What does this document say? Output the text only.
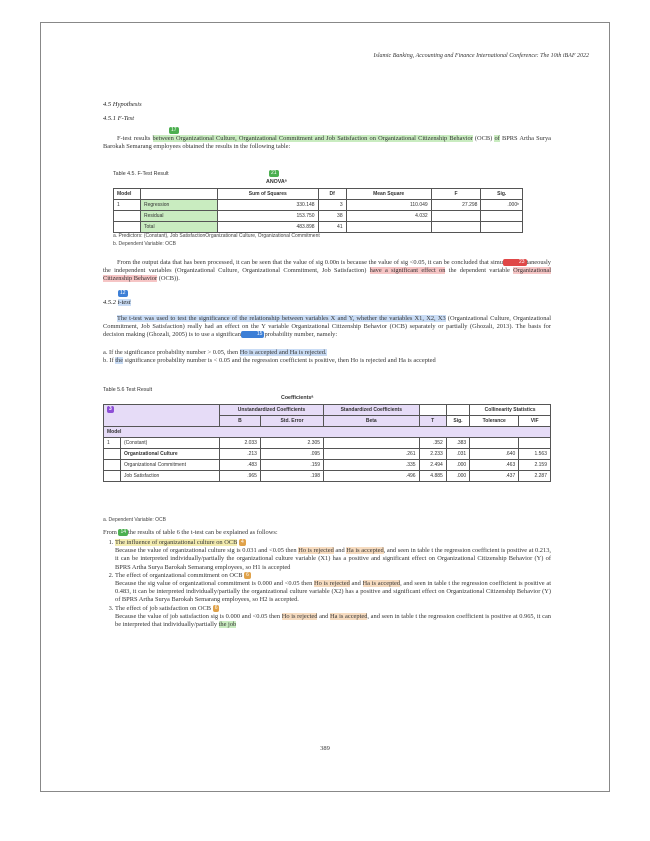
Islamic Banking, Accounting and Finance International Conference: The 10th iBAF 2022
4.5 Hypothesis
4.5.1 F-Test
17

F-test results between Organizational Culture, Organizational Commitment and Job Satisfaction on Organizational Citizenship Behavior (OCB) of BPRS Artha Surya Barokah Semarang employees obtained the results in the following table:

Table 4.5. F-Test Result	21
ANOVAᵃ
Model		Sum of Squares	Df	Mean Square	F	Sig.
1	Regression	330.148	3	110.049	27.298	.000ᵇ
	Residual	153.750	38	4.032		
	Total	483.898	41			
a. Predictors: (Constant), Job SatisfactionOrganizational Culture, Organizational Commitment
b. Dependent Variable: OCB

From the output data that has been processed, it can be seen that the value of sig 0.00n is because the value of sig <0.05, it can be concluded that simu	23 taneously the independent variables (Organizational Culture, Organizational Commitment, Job Satisfaction) have a significant effect on the dependent variable Organizational Citizenship Behavior (OCB)).

12
4.5.2 t-test

The t-test was used to test the significance of the relationship between variables X and Y, whether the variables X1, X2, X3 (Organizational Culture, Organizational Commitment, Job Satisfaction) really had an effect on the Y variable Organizational Citizenship Behavior (OCB) separately or partially (Ghozali, 2013). The basis for decision making (Ghozali, 2005) is to use a significan	15 probability number, namely:

a. If the significance probability number > 0.05, then Ho is accepted and Ha is rejected.

b. If the significance probability number is < 0.05 and the regression coefficient is positive, then Ho is rejected and Ha is accepted

Table 5.6 Test Result
Coefficientsᵃ
3		Unstandardized Coefficients		Standardized Coefficients			Collinearity Statistics	
		B	Std. Error	Beta	T	Sig.	Tolerance	VIF
Model								
1	(Constant)	2.033	2.305		.352	.383		
	Organizational Culture	.213	.095	.261	2.233	.031	.640	1.563
	Organizational Commitment	.483	.159	.335	2.494	.000	.463	2.159
	Job Satisfaction	.965	.198	.496	4.885	.000	.437	2.287
a. Dependent Variable: OCB

From 14 the results of table 6 the t-test can be explained as follows:

1. The influence of organizational culture on OCB 4
Because the value of organizational culture sig is 0.031 and <0.05 then Ho is rejected and Ha is accepted, and seen in table t the regression coefficient is positive at 0.213, it can be interpreted individually/partially the organizational culture variable (X1) has a positive and significant effect on Organizational Citizenship Behavior (Y) of BPRS Artha Surya Barokah Semarang employees, so H1 is accepted
2. The effect of organizational commitment on OCB 6
Because the sig value of organizational commitment is 0.000 and <0.05 then Ho is rejected and Ha is accepted, and seen in table t the regression coefficient is positive at 0.483, it can be interpreted individually/partially the organizational culture variable (X2) has a positive and significant effect on Organizational Citizenship Behavior (Y) of BPRS Artha Surya Barokah Semarang employees, so H2 is accepted.
3. The effect of job satisfaction on OCB 6
Because the value of job satisfaction sig is 0.000 and <0.05 then Ho is rejected and Ha is accepted, and seen in table t the regression coefficient is positive at 0.965, it can be interpreted that individually/partially the job
389
